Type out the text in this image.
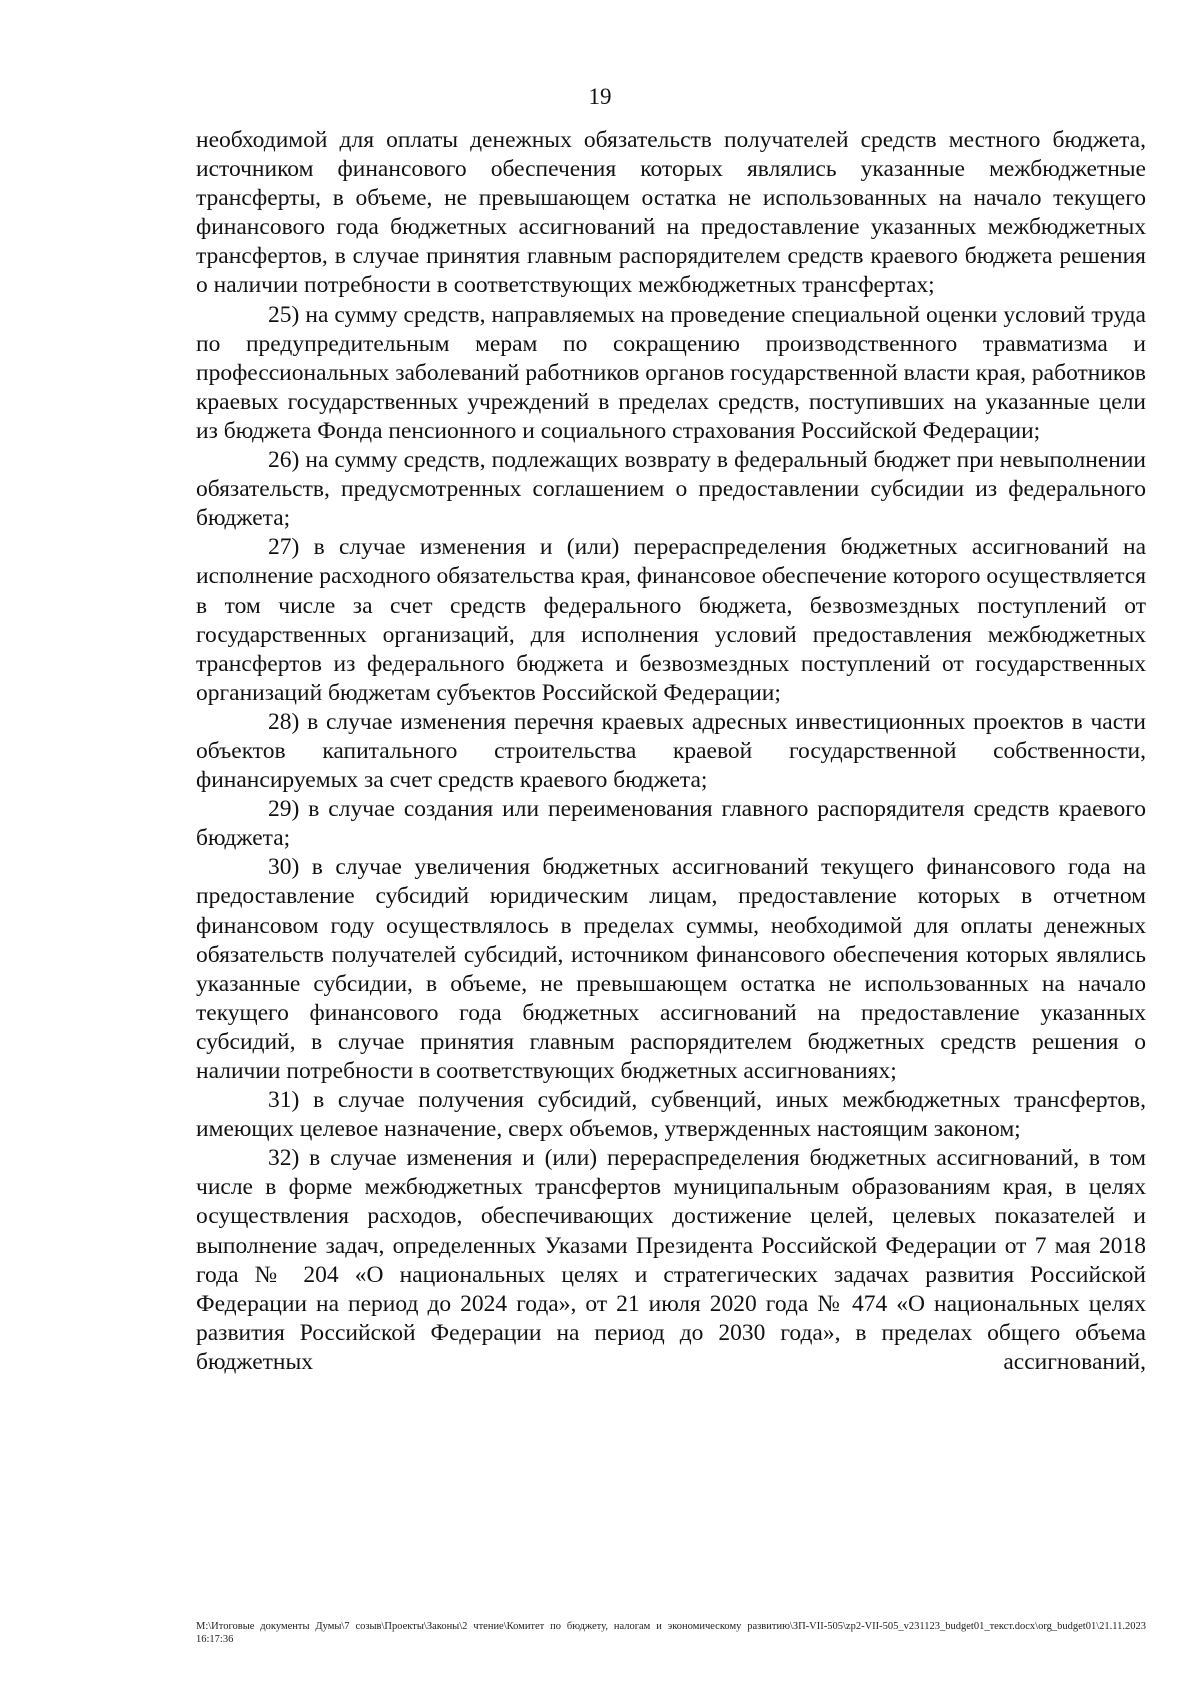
19

необходимой для оплаты денежных обязательств получателей средств местного бюджета, источником финансового обеспечения которых являлись указанные межбюджетные трансферты, в объеме, не превышающем остатка не использованных на начало текущего финансового года бюджетных ассигнований на предоставление указанных межбюджетных трансфертов, в случае принятия главным распорядителем средств краевого бюджета решения о наличии потребности в соответствующих межбюджетных трансфертах;

25) на сумму средств, направляемых на проведение специальной оценки условий труда по предупредительным мерам по сокращению производственного травматизма и профессиональных заболеваний работников органов государственной власти края, работников краевых государственных учреждений в пределах средств, поступивших на указанные цели из бюджета Фонда пенсионного и социального страхования Российской Федерации;

26) на сумму средств, подлежащих возврату в федеральный бюджет при невыполнении обязательств, предусмотренных соглашением о предоставлении субсидии из федерального бюджета;

27) в случае изменения и (или) перераспределения бюджетных ассигнований на исполнение расходного обязательства края, финансовое обеспечение которого осуществляется в том числе за счет средств федерального бюджета, безвозмездных поступлений от государственных организаций, для исполнения условий предоставления межбюджетных трансфертов из федерального бюджета и безвозмездных поступлений от государственных организаций бюджетам субъектов Российской Федерации;

28) в случае изменения перечня краевых адресных инвестиционных проектов в части объектов капитального строительства краевой государственной собственности, финансируемых за счет средств краевого бюджета;

29) в случае создания или переименования главного распорядителя средств краевого бюджета;

30) в случае увеличения бюджетных ассигнований текущего финансового года на предоставление субсидий юридическим лицам, предоставление которых в отчетном финансовом году осуществлялось в пределах суммы, необходимой для оплаты денежных обязательств получателей субсидий, источником финансового обеспечения которых являлись указанные субсидии, в объеме, не превышающем остатка не использованных на начало текущего финансового года бюджетных ассигнований на предоставление указанных субсидий, в случае принятия главным распорядителем бюджетных средств решения о наличии потребности в соответствующих бюджетных ассигнованиях;

31) в случае получения субсидий, субвенций, иных межбюджетных трансфертов, имеющих целевое назначение, сверх объемов, утвержденных настоящим законом;

32) в случае изменения и (или) перераспределения бюджетных ассигнований, в том числе в форме межбюджетных трансфертов муниципальным образованиям края, в целях осуществления расходов, обеспечивающих достижение целей, целевых показателей и выполнение задач, определенных Указами Президента Российской Федерации от 7 мая 2018 года № 204 «О национальных целях и стратегических задачах развития Российской Федерации на период до 2024 года», от 21 июля 2020 года № 474 «О национальных целях развития Российской Федерации на период до 2030 года», в пределах общего объема бюджетных ассигнований,

M:\Итоговые документы Думы\7 созыв\Проекты\Законы\2 чтение\Комитет по бюджету, налогам и экономическому развитию\ЗП-VII-505\zp2-VII-505_v231123_budget01_текст.docx\org_budget01\21.11.2023 16:17:36
